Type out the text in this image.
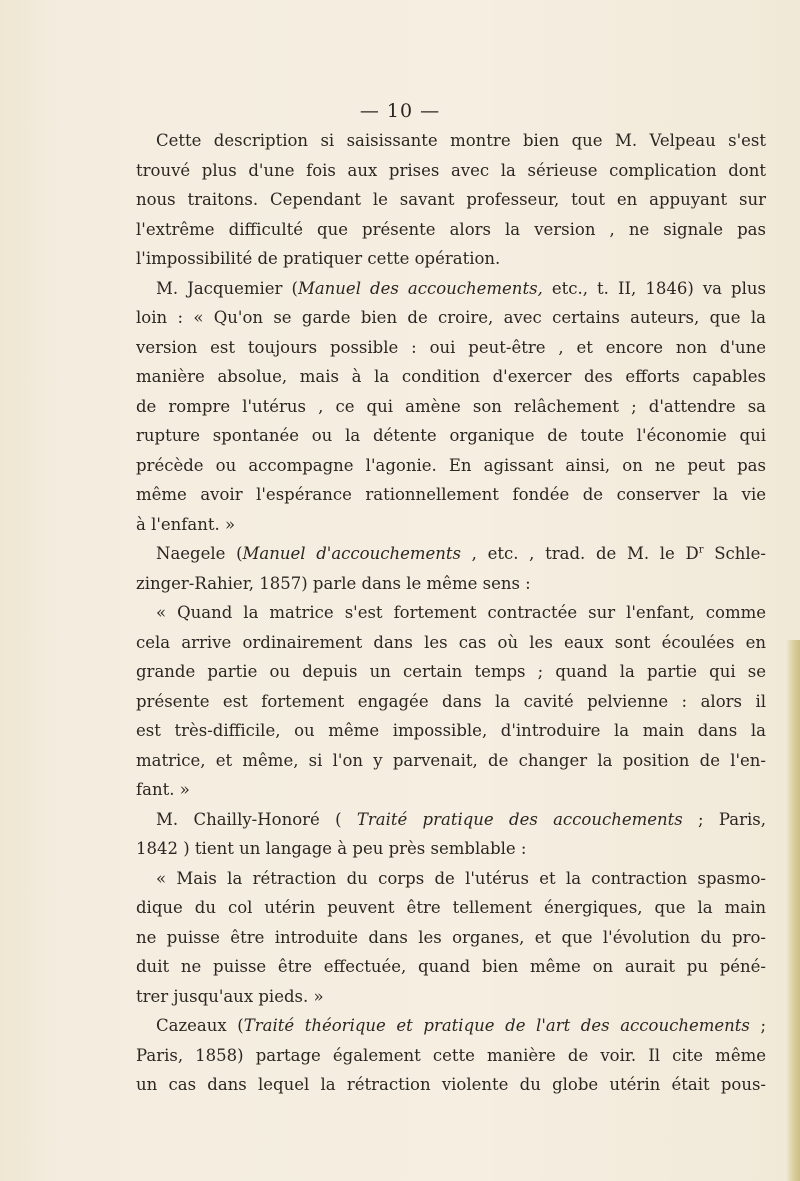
— 10 —
Cette description si saisissante montre bien que M. Velpeau s'est
trouvé plus d'une fois aux prises avec la sérieuse complication dont
nous traitons. Cependant le savant professeur, tout en appuyant sur
l'extrême difficulté que présente alors la version , ne signale pas
l'impossibilité de pratiquer cette opération.
M. Jacquemier (Manuel des accouchements, etc., t. II, 1846) va plus
loin : « Qu'on se garde bien de croire, avec certains auteurs, que la
version est toujours possible : oui peut-être , et encore non d'une
manière absolue, mais à la condition d'exercer des efforts capables
de rompre l'utérus , ce qui amène son relâchement ; d'attendre sa
rupture spontanée ou la détente organique de toute l'économie qui
précède ou accompagne l'agonie. En agissant ainsi, on ne peut pas
même avoir l'espérance rationnellement fondée de conserver la vie
à l'enfant. »
Naegele (Manuel d'accouchements , etc. , trad. de M. le $D^r$ Schle-
zinger-Rahier, 1857) parle dans le même sens :
« Quand la matrice s'est fortement contractée sur l'enfant, comme
cela arrive ordinairement dans les cas où les eaux sont écoulées en
grande partie ou depuis un certain temps ; quand la partie qui se
présente est fortement engagée dans la cavité pelvienne : alors il
est très-difficile, ou même impossible, d'introduire la main dans la
matrice, et même, si l'on y parvenait, de changer la position de l'en-
fant. »
M. Chailly-Honoré ( Traité pratique des accouchements ; Paris,
1842 ) tient un langage à peu près semblable :
« Mais la rétraction du corps de l'utérus et la contraction spasmo-
dique du col utérin peuvent être tellement énergiques, que la main
ne puisse être introduite dans les organes, et que l'évolution du pro-
duit ne puisse être effectuée, quand bien même on aurait pu péné-
trer jusqu'aux pieds. »
Cazeaux (Traité théorique et pratique de l'art des accouchements ;
Paris, 1858) partage également cette manière de voir. Il cite même
un cas dans lequel la rétraction violente du globe utérin était pous-
